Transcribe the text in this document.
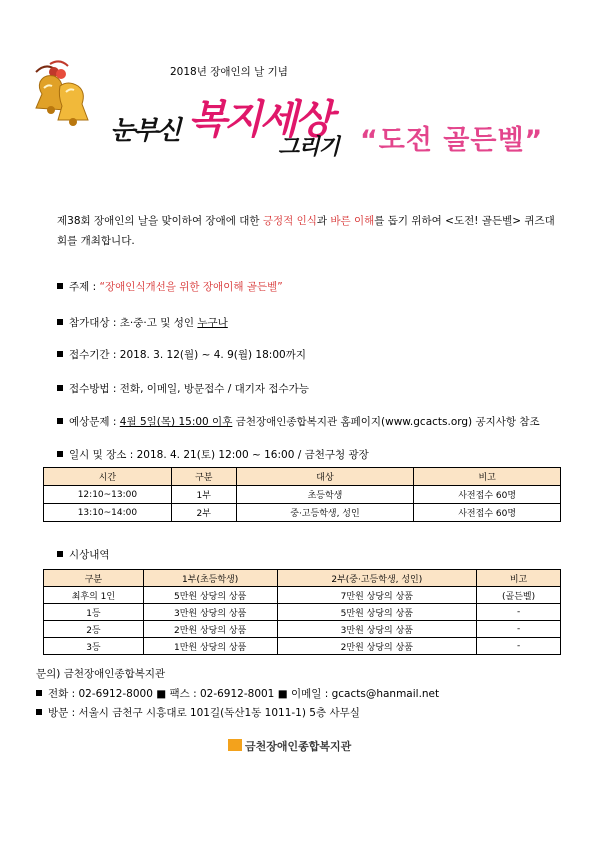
2018년 장애인의 날 기념
눈부신 복지세상
그리기 “도전 골든벨”
제38회 장애인의 날을 맞이하여 장애에 대한 긍정적 인식과 바른 이해를 돕기 위하여 <도전! 골든벨> 퀴즈대회를 개최합니다.
주제 : “장애인식개선을 위한 장애이해 골든벨”
참가대상 : 초·중·고 및 성인 누구나
접수기간 : 2018. 3. 12(월) ~ 4. 9(월) 18:00까지
접수방법 : 전화, 이메일, 방문접수 / 대기자 접수가능
예상문제 : 4월 5일(목) 15:00 이후 금천장애인종합복지관 홈페이지(www.gcacts.org) 공지사항 참조
일시 및 장소 : 2018. 4. 21(토) 12:00 ~ 16:00 / 금천구청 광장
시간	구분	대상	비고
12:10~13:00	1부	초등학생	사전접수 60명
13:10~14:00	2부	중·고등학생, 성인	사전접수 60명
시상내역
구분	1부(초등학생)	2부(중·고등학생, 성인)	비고
최후의 1인	5만원 상당의 상품	7만원 상당의 상품	(골든벨)
1등	3만원 상당의 상품	5만원 상당의 상품	-
2등	2만원 상당의 상품	3만원 상당의 상품	-
3등	1만원 상당의 상품	2만원 상당의 상품	-
문의) 금천장애인종합복지관
전화 : 02-6912-8000 ■ 팩스 : 02-6912-8001 ■ 이메일 : gcacts@hanmail.net
방문 : 서울시 금천구 시흥대로 101길(독산1동 1011-1) 5층 사무실
금천장애인종합복지관
